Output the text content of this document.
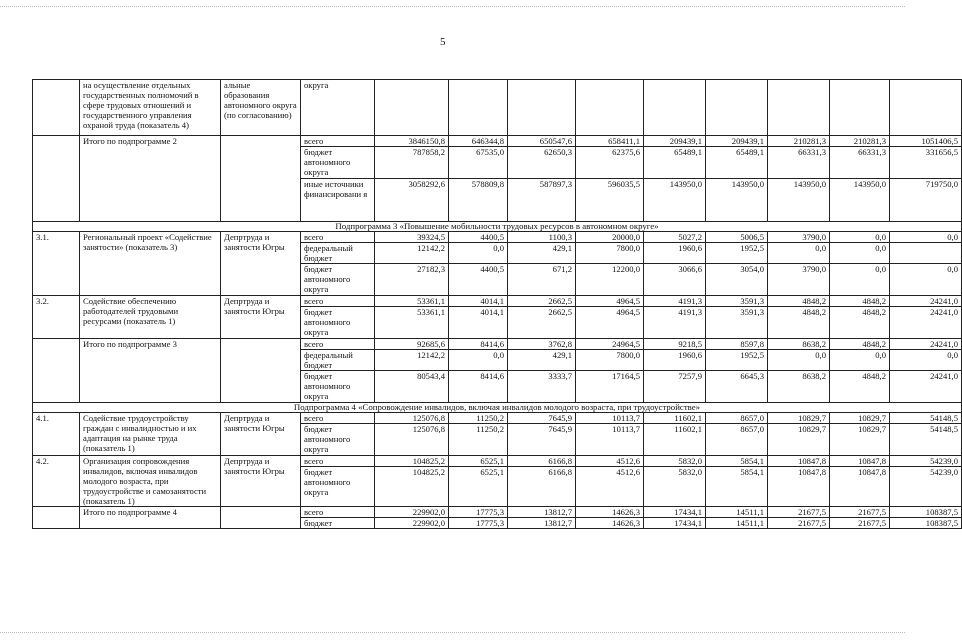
5
	на осуществление отдельных государственных полномочий в сфере трудовых отношений и государственного управления охраной труда (показатель 4)	альные образования автономного округа (по согласованию)	округа									
	Итого по подпрограмме 2		всего	3846150,8	646344,8	650547,6	658411,1	209439,1	209439,1	210281,3	210281,3	1051406,5
			бюджет автономного округа	787858,2	67535,0	62650,3	62375,6	65489,1	65489,1	66331,3	66331,3	331656,5
			иные источники финансировани я	3058292,6	578809,8	587897,3	596035,5	143950,0	143950,0	143950,0	143950,0	719750,0
Подпрограмма 3 «Повышение мобильности трудовых ресурсов в автономном округе»												
3.1.	Региональный проект «Содействие занятости» (показатель 3)	Депртруда и занятости Югры	всего	39324,5	4400,5	1100,3	20000,0	5027,2	5006,5	3790,0	0,0	0,0
			федеральный бюджет	12142,2	0,0	429,1	7800,0	1960,6	1952,5	0,0	0,0	
			бюджет автономного округа	27182,3	4400,5	671,2	12200,0	3066,6	3054,0	3790,0	0,0	0,0
3.2.	Содействие обеспечению работодателей трудовыми ресурсами (показатель 1)	Депртруда и занятости Югры	всего	53361,1	4014,1	2662,5	4964,5	4191,3	3591,3	4848,2	4848,2	24241,0
			бюджет автономного округа	53361,1	4014,1	2662,5	4964,5	4191,3	3591,3	4848,2	4848,2	24241,0
	Итого по подпрограмме 3		всего	92685,6	8414,6	3762,8	24964,5	9218,5	8597,8	8638,2	4848,2	24241,0
			федеральный бюджет	12142,2	0,0	429,1	7800,0	1960,6	1952,5	0,0	0,0	0,0
			бюджет автономного округа	80543,4	8414,6	3333,7	17164,5	7257,9	6645,3	8638,2	4848,2	24241,0
Подпрограмма 4 «Сопровождение инвалидов, включая инвалидов молодого возраста, при трудоустройстве»												
4.1.	Содействие трудоустройству граждан с инвалидностью и их адаптация на рынке труда (показатель 1)	Депртруда и занятости Югры	всего	125076,8	11250,2	7645,9	10113,7	11602,1	8657,0	10829,7	10829,7	54148,5
			бюджет автономного округа	125076,8	11250,2	7645,9	10113,7	11602,1	8657,0	10829,7	10829,7	54148,5
4.2.	Организация сопровождения инвалидов, включая инвалидов молодого возраста, при трудоустройстве и самозанятости (показатель 1)	Депртруда и занятости Югры	всего	104825,2	6525,1	6166,8	4512,6	5832,0	5854,1	10847,8	10847,8	54239,0
			бюджет автономного округа	104825,2	6525,1	6166,8	4512,6	5832,0	5854,1	10847,8	10847,8	54239,0
	Итого по подпрограмме 4		всего	229902,0	17775,3	13812,7	14626,3	17434,1	14511,1	21677,5	21677,5	108387,5
			бюджет	229902,0	17775,3	13812,7	14626,3	17434,1	14511,1	21677,5	21677,5	108387,5
